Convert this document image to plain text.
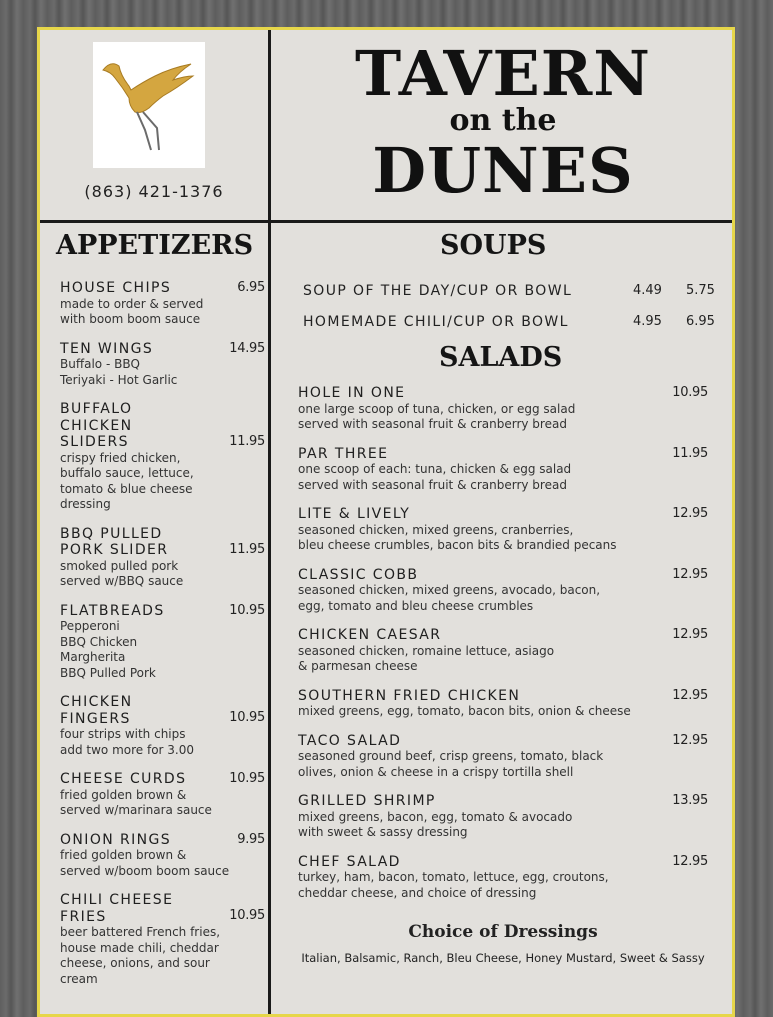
(863) 421-1376
TAVERN
on the
DUNES
APPETIZERS	SOUPS
6.95
HOUSE CHIPS
made to order & served
with boom boom sauce
14.95
TEN WINGS
Buffalo - BBQ
Teriyaki - Hot Garlic
11.95
BUFFALO CHICKEN SLIDERS
crispy fried chicken,
buffalo sauce, lettuce,
tomato & blue cheese
dressing
11.95
BBQ PULLED PORK SLIDER
smoked pulled pork
served w/BBQ sauce
10.95
FLATBREADS
Pepperoni
BBQ Chicken
Margherita
BBQ Pulled Pork
10.95
CHICKEN FINGERS
four strips with chips
add two more for 3.00
10.95
CHEESE CURDS
fried golden brown &
served w/marinara sauce
9.95
ONION RINGS
fried golden brown &
served w/boom boom sauce
10.95
CHILI CHEESE FRIES
beer battered French fries,
house made chili, cheddar
cheese, onions, and sour
cream
SOUP OF THE DAY/CUP OR BOWL	4.49 5.75
HOMEMADE CHILI/CUP OR BOWL	4.95 6.95
SALADS
10.95
HOLE IN ONE
one large scoop of tuna, chicken, or egg salad
served with seasonal fruit & cranberry bread
11.95
PAR THREE
one scoop of each: tuna, chicken & egg salad
served with seasonal fruit & cranberry bread
12.95
LITE & LIVELY
seasoned chicken, mixed greens, cranberries,
bleu cheese crumbles, bacon bits & brandied pecans
12.95
CLASSIC COBB
seasoned chicken, mixed greens, avocado, bacon,
egg, tomato and bleu cheese crumbles
12.95
CHICKEN CAESAR
seasoned chicken, romaine lettuce, asiago
& parmesan cheese
12.95
SOUTHERN FRIED CHICKEN
mixed greens, egg, tomato, bacon bits, onion & cheese
12.95
TACO SALAD
seasoned ground beef, crisp greens, tomato, black
olives, onion & cheese in a crispy tortilla shell
13.95
GRILLED SHRIMP
mixed greens, bacon, egg, tomato & avocado
with sweet & sassy dressing
12.95
CHEF SALAD
turkey, ham, bacon, tomato, lettuce, egg, croutons,
cheddar cheese, and choice of dressing
Choice of Dressings
Italian, Balsamic, Ranch, Bleu Cheese, Honey Mustard, Sweet & Sassy
